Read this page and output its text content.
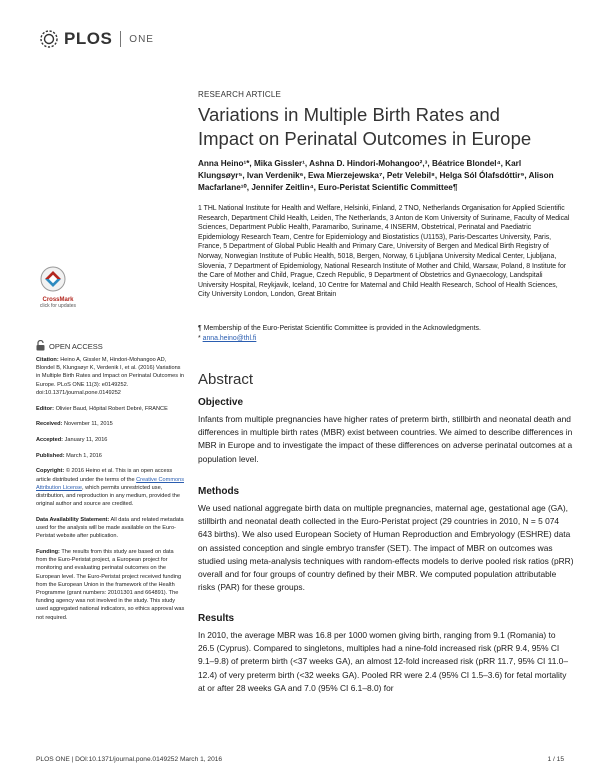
PLOS ONE
RESEARCH ARTICLE
Variations in Multiple Birth Rates and Impact on Perinatal Outcomes in Europe
Anna Heino¹*, Mika Gissler¹, Ashna D. Hindori-Mohangoo²,³, Béatrice Blondel⁴, Karl Klungsøyr⁵, Ivan Verdenik⁶, Ewa Mierzejewska⁷, Petr Velebil⁸, Helga Sól Ólafsdóttir⁹, Alison Macfarlane¹⁰, Jennifer Zeitlin⁴, Euro-Peristat Scientific Committee¶
1 THL National Institute for Health and Welfare, Helsinki, Finland, 2 TNO, Netherlands Organisation for Applied Scientific Research, Department Child Health, Leiden, The Netherlands, 3 Anton de Kom University of Suriname, Faculty of Medical Sciences, Department Public Health, Paramaribo, Suriname, 4 INSERM, Obstetrical, Perinatal and Paediatric Epidemiology Research Team, Centre for Epidemiology and Biostatistics (U1153), Paris-Descartes University, Paris, France, 5 Department of Global Public Health and Primary Care, University of Bergen and Medical Birth Registry of Norway, Norwegian Institute of Public Health, 5018, Bergen, Norway, 6 Ljubljana University Medical Center, Ljubljana, Slovenia, 7 Department of Epidemiology, National Research Institute of Mother and Child, Warsaw, Poland, 8 Institute for the Care of Mother and Child, Prague, Czech Republic, 9 Department of Obstetrics and Gynaecology, Landspitali University Hospital, Reykjavik, Iceland, 10 Centre for Maternal and Child Health Research, School of Health Sciences, City University London, London, Great Britain
¶ Membership of the Euro-Peristat Scientific Committee is provided in the Acknowledgments.
* anna.heino@thl.fi
CrossMark
click for updates
OPEN ACCESS

Citation: Heino A, Gissler M, Hindori-Mohangoo AD, Blondel B, Klungsøyr K, Verdenik I, et al. (2016) Variations in Multiple Birth Rates and Impact on Perinatal Outcomes in Europe. PLoS ONE 11(3): e0149252. doi:10.1371/journal.pone.0149252

Editor: Olivier Baud, Hôpital Robert Debré, FRANCE

Received: November 11, 2015

Accepted: January 11, 2016

Published: March 1, 2016

Copyright: © 2016 Heino et al. This is an open access article distributed under the terms of the Creative Commons Attribution License, which permits unrestricted use, distribution, and reproduction in any medium, provided the original author and source are credited.

Data Availability Statement: All data and related metadata used for the analysis will be made available on the Euro-Peristat website after publication.

Funding: The results from this study are based on data from the Euro-Peristat project, a European project for monitoring and evaluating perinatal outcomes on the European level. The Euro-Peristat project received funding from the European Union in the framework of the Health Programme (grant numbers: 20101301 and 664891). The funding agency was not involved in the study. This study used aggregated national indicators, so ethics approval was not required.

Abstract
Objective
Infants from multiple pregnancies have higher rates of preterm birth, stillbirth and neonatal death and differences in multiple birth rates (MBR) exist between countries. We aimed to describe differences in MBR in Europe and to investigate the impact of these differences on adverse perinatal outcomes at a population level.
Methods
We used national aggregate birth data on multiple pregnancies, maternal age, gestational age (GA), stillbirth and neonatal death collected in the Euro-Peristat project (29 countries in 2010, N = 5 074 643 births). We also used European Society of Human Reproduction and Embryology (ESHRE) data on assisted conception and single embryo transfer (SET). The impact of MBR on outcomes was studied using meta-analysis techniques with random-effects models to derive pooled risk ratios (pRR) overall and for four groups of country defined by their MBR. We computed population attributable risks (PAR) for these groups.
Results
In 2010, the average MBR was 16.8 per 1000 women giving birth, ranging from 9.1 (Romania) to 26.5 (Cyprus). Compared to singletons, multiples had a nine-fold increased risk (pRR 9.4, 95% CI 9.1–9.8) of preterm birth (<37 weeks GA), an almost 12-fold increased risk (pRR 11.7, 95% CI 11.0–12.4) of very preterm birth (<32 weeks GA). Pooled RR were 2.4 (95% CI 1.5–3.6) for fetal mortality at or after 28 weeks GA and 7.0 (95% CI 6.1–8.0) for
PLOS ONE | DOI:10.1371/journal.pone.0149252 March 1, 2016	1 / 15
